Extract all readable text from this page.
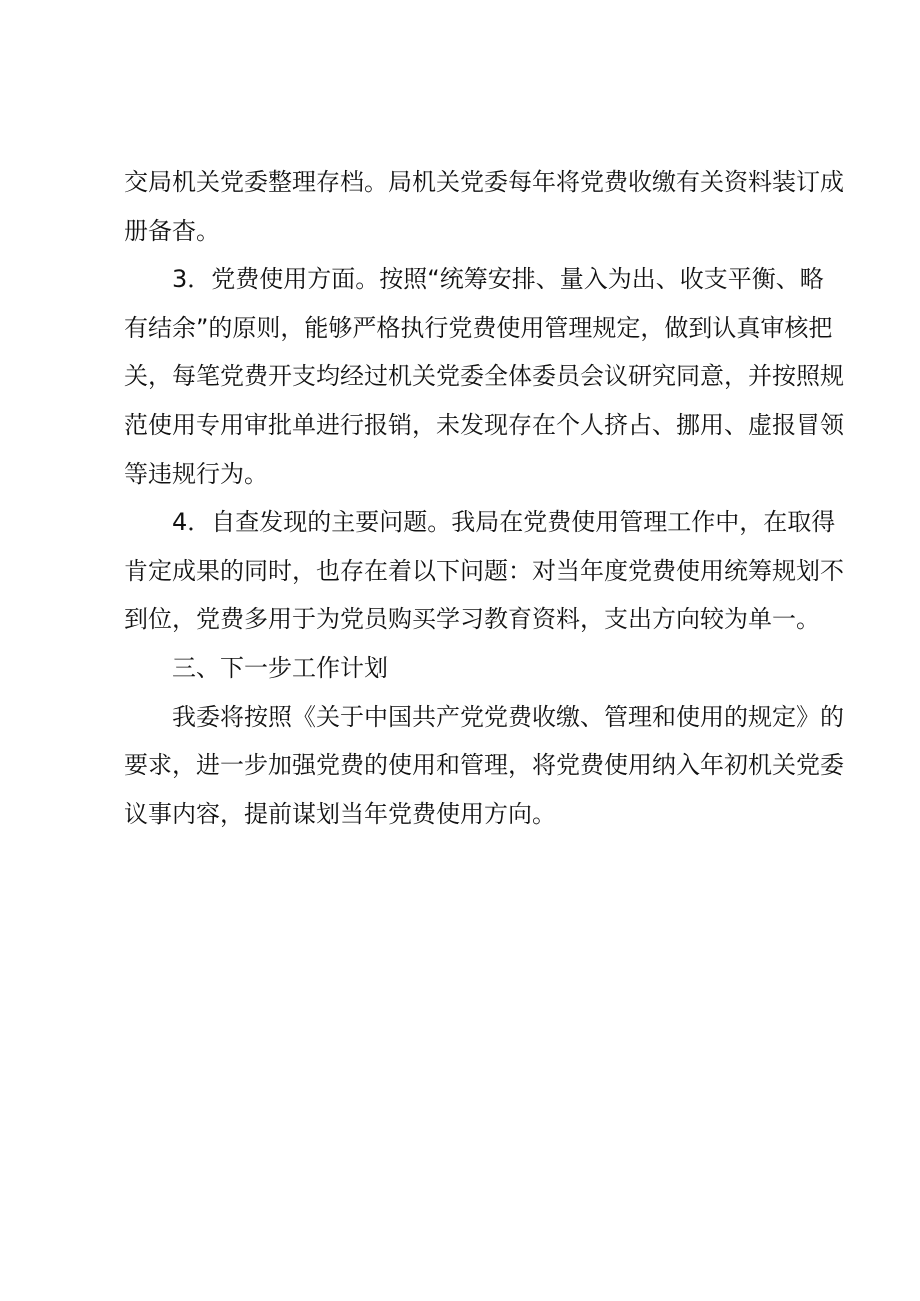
交局机关党委整理存档。局机关党委每年将党费收缴有关资料装订成
册备杳。
3．党费使用方面。按照“统筹安排、量入为出、收支平衡、略
有结余”的原则，能够严格执行党费使用管理规定，做到认真审核把
关，每笔党费开支均经过机关党委全体委员会议研究同意，并按照规
范使用专用审批单进行报销，未发现存在个人挤占、挪用、虚报冒领
等违规行为。
4．自查发现的主要问题。我局在党费使用管理工作中，在取得
肯定成果的同时，也存在着以下问题：对当年度党费使用统筹规划不
到位，党费多用于为党员购买学习教育资料，支出方向较为单一。
三、下一步工作计划
我委将按照《关于中国共产党党费收缴、管理和使用的规定》的
要求，进一步加强党费的使用和管理，将党费使用纳入年初机关党委
议事内容，提前谋划当年党费使用方向。
